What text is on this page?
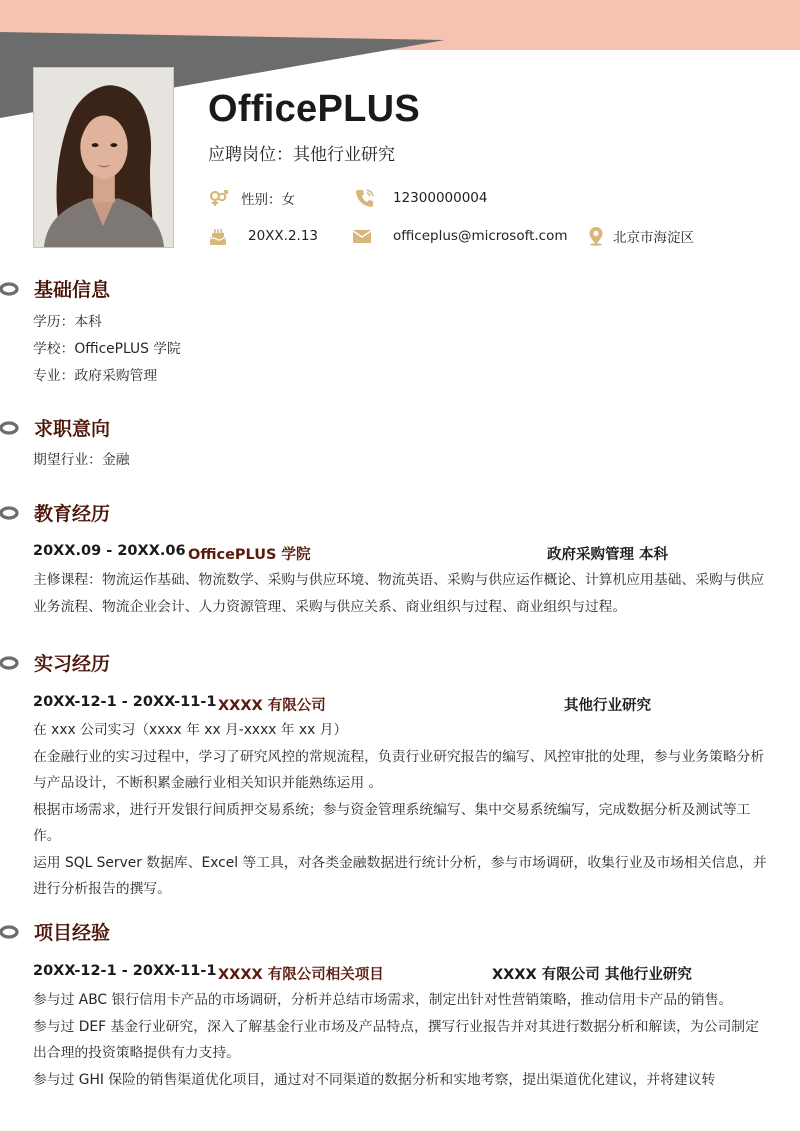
OfficePLUS
应聘岗位：其他行业研究
性别：女	12300000004
20XX.2.13	officeplus@microsoft.com	北京市海淀区
基础信息
学历：本科
学校：OfficePLUS 学院
专业：政府采购管理
求职意向
期望行业：金融
教育经历
20XX.09 - 20XX.06 OfficePLUS 学院	政府采购管理 本科

主修课程：物流运作基础、物流数学、采购与供应环境、物流英语、采购与供应运作概论、计算机应用基础、采购与供应业务流程、物流企业会计、人力资源管理、采购与供应关系、商业组织与过程、商业组织与过程。

实习经历
20XX-12-1 - 20XX-11-1 XXXX 有限公司	其他行业研究

在 xxx 公司实习（xxxx 年 xx 月-xxxx 年 xx 月）

在金融行业的实习过程中，学习了研究风控的常规流程，负责行业研究报告的编写、风控审批的处理，参与业务策略分析与产品设计，不断积累金融行业相关知识并能熟练运用 。

根据市场需求，进行开发银行间质押交易系统；参与资金管理系统编写、集中交易系统编写，完成数据分析及测试等工作。

运用 SQL Server 数据库、Excel 等工具，对各类金融数据进行统计分析，参与市场调研，收集行业及市场相关信息，并进行分析报告的撰写。

项目经验
20XX-12-1 - 20XX-11-1 XXXX 有限公司相关项目	XXXX 有限公司 其他行业研究

参与过 ABC 银行信用卡产品的市场调研，分析并总结市场需求，制定出针对性营销策略，推动信用卡产品的销售。

参与过 DEF 基金行业研究，深入了解基金行业市场及产品特点，撰写行业报告并对其进行数据分析和解读，为公司制定出合理的投资策略提供有力支持。

参与过 GHI 保险的销售渠道优化项目，通过对不同渠道的数据分析和实地考察，提出渠道优化建议，并将建议转
